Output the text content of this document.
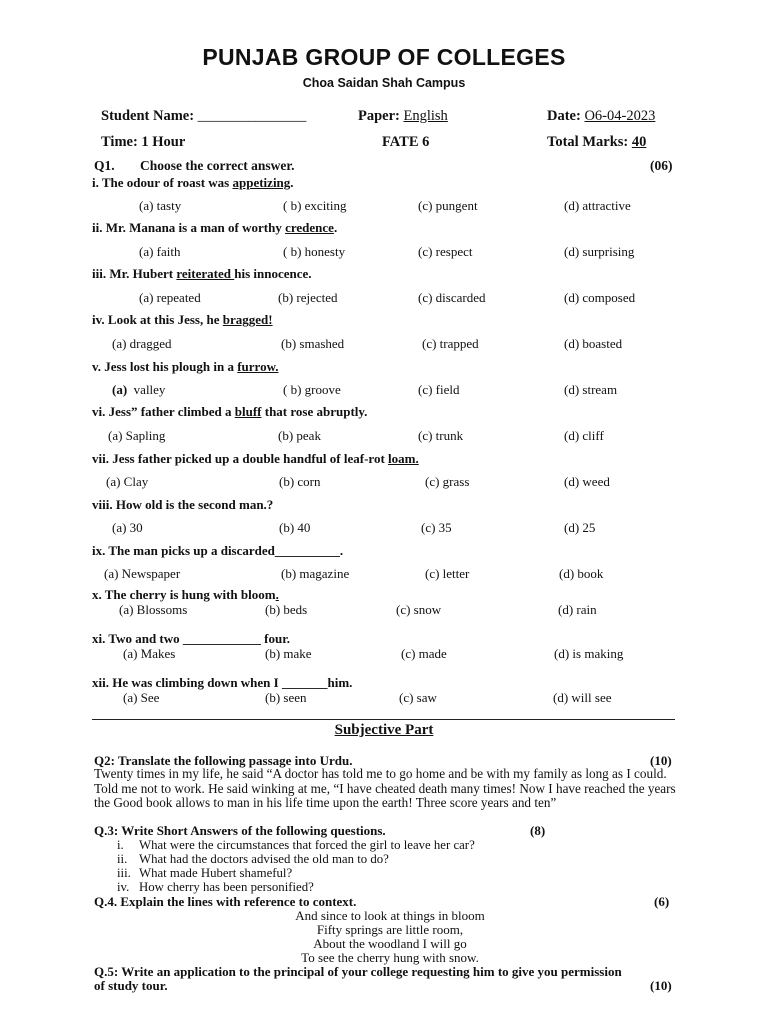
PUNJAB GROUP OF COLLEGES
Choa Saidan Shah Campus
Student Name: _______________	Paper: English	Date: O6-04-2023
Time: 1 Hour	FATE 6	Total Marks: 40
Q1. Choose the correct answer.	(06)
i. The odour of roast was appetizing.
(a) tasty	( b) exciting	(c) pungent	(d) attractive
ii. Mr. Manana is a man of worthy credence.
(a) faith	( b) honesty	(c) respect	(d) surprising
iii. Mr. Hubert reiterated his innocence.
(a) repeated	(b) rejected	(c) discarded	(d) composed
iv. Look at this Jess, he bragged!
(a) dragged	(b) smashed	(c) trapped	(d) boasted
v. Jess lost his plough in a furrow.
(a) valley	( b) groove	(c) field	(d) stream
vi. Jess” father climbed a bluff that rose abruptly.
(a) Sapling	(b) peak	(c) trunk	(d) cliff
vii. Jess father picked up a double handful of leaf-rot loam.
(a) Clay	(b) corn	(c) grass	(d) weed
viii. How old is the second man.?
(a) 30	(b) 40	(c) 35	(d) 25
ix. The man picks up a discarded__________.
(a) Newspaper	(b) magazine	(c) letter	(d) book
x. The cherry is hung with bloom.
(a) Blossoms	(b) beds	(c) snow	(d) rain
xi. Two and two ____________ four.
(a) Makes	(b) make	(c) made	(d) is making
xii. He was climbing down when I _______him.
(a) See	(b) seen	(c) saw	(d) will see
Subjective Part
Q2: Translate the following passage into Urdu.	(10)
Twenty times in my life, he said “A doctor has told me to go home and be with my family as long as I could. Told me not to work. He said winking at me, “I have cheated death many times! Now I have reached the years the Good book allows to man in his life time upon the earth! Three score years and ten”
Q.3: Write Short Answers of the following questions.	(8)
i. What were the circumstances that forced the girl to leave her car?
ii. What had the doctors advised the old man to do?
iii. What made Hubert shameful?
iv. How cherry has been personified?
Q.4. Explain the lines with reference to context.	(6)
And since to look at things in bloom
Fifty springs are little room,
About the woodland I will go
To see the cherry hung with snow.
Q.5: Write an application to the principal of your college requesting him to give you permission
of study tour.	(10)
